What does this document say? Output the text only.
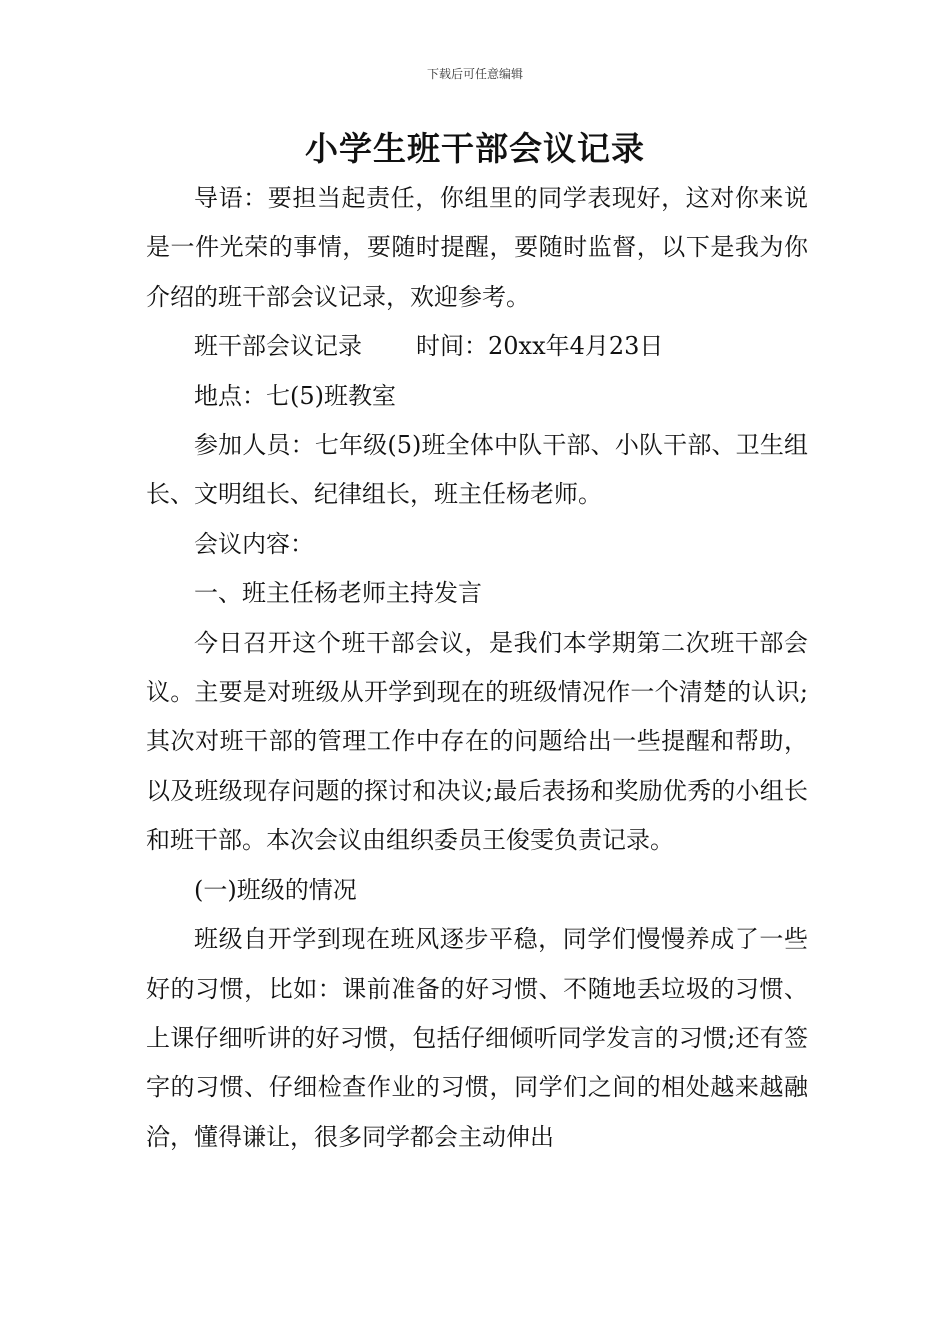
下载后可任意编辑
小学生班干部会议记录

导语：要担当起责任，你组里的同学表现好，这对你来说是一件光荣的事情，要随时提醒，要随时监督，以下是我为你介绍的班干部会议记录，欢迎参考。

班干部会议记录 时间：20xx年4月23日

地点：七(5)班教室

参加人员：七年级(5)班全体中队干部、小队干部、卫生组长、文明组长、纪律组长，班主任杨老师。

会议内容：

一、班主任杨老师主持发言

今日召开这个班干部会议，是我们本学期第二次班干部会议。主要是对班级从开学到现在的班级情况作一个清楚的认识;其次对班干部的管理工作中存在的问题给出一些提醒和帮助，以及班级现存问题的探讨和决议;最后表扬和奖励优秀的小组长和班干部。本次会议由组织委员王俊雯负责记录。

(一)班级的情况

班级自开学到现在班风逐步平稳，同学们慢慢养成了一些好的习惯，比如：课前准备的好习惯、不随地丢垃圾的习惯、上课仔细听讲的好习惯，包括仔细倾听同学发言的习惯;还有签字的习惯、仔细检查作业的习惯，同学们之间的相处越来越融洽，懂得谦让，很多同学都会主动伸出
